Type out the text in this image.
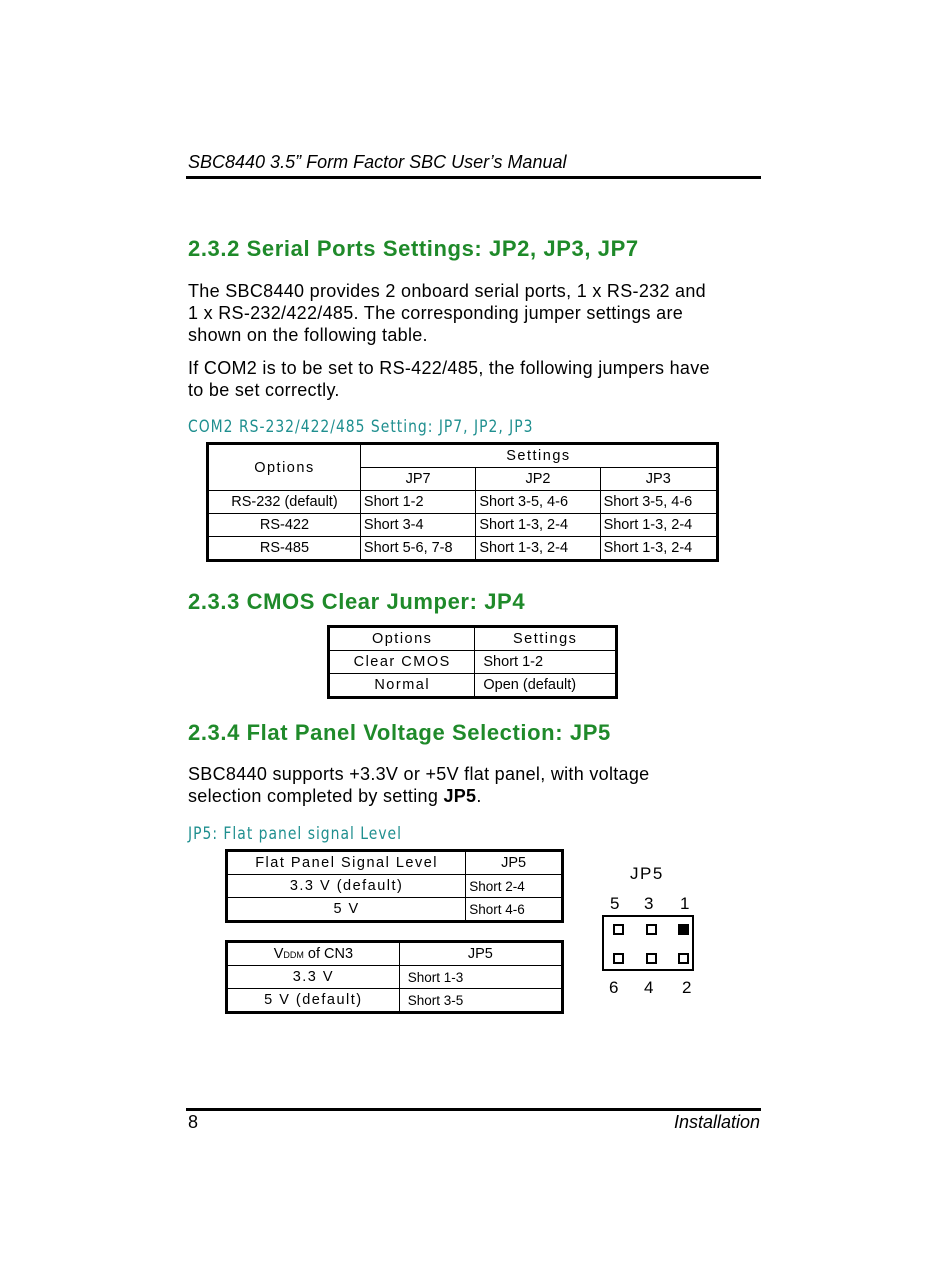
SBC8440 3.5” Form Factor SBC User’s Manual
2.3.2 Serial Ports Settings: JP2, JP3, JP7
The SBC8440 provides 2 onboard serial ports, 1 x RS-232 and
1 x RS-232/422/485. The corresponding jumper settings are
shown on the following table.
If COM2 is to be set to RS-422/485, the following jumpers have
to be set correctly.
COM2 RS-232/422/485 Setting: JP7, JP2, JP3
Options	Settings		
	JP7	JP2	JP3
RS-232 (default)	Short 1-2	Short 3-5, 4-6	Short 3-5, 4-6
RS-422	Short 3-4	Short 1-3, 2-4	Short 1-3, 2-4
RS-485	Short 5-6, 7-8	Short 1-3, 2-4	Short 1-3, 2-4
2.3.3 CMOS Clear Jumper: JP4
Options	Settings
Clear CMOS	Short 1-2
Normal	Open (default)
2.3.4 Flat Panel Voltage Selection: JP5
SBC8440 supports +3.3V or +5V flat panel, with voltage
selection completed by setting JP5.
JP5: Flat panel signal Level
Flat Panel Signal Level	JP5
3.3 V (default)	Short 2-4
5 V	Short 4-6
VDDM of CN3	JP5
3.3 V	Short 1-3
5 V (default)	Short 3-5
JP5
5 3 1
6 4 2
8	Installation
